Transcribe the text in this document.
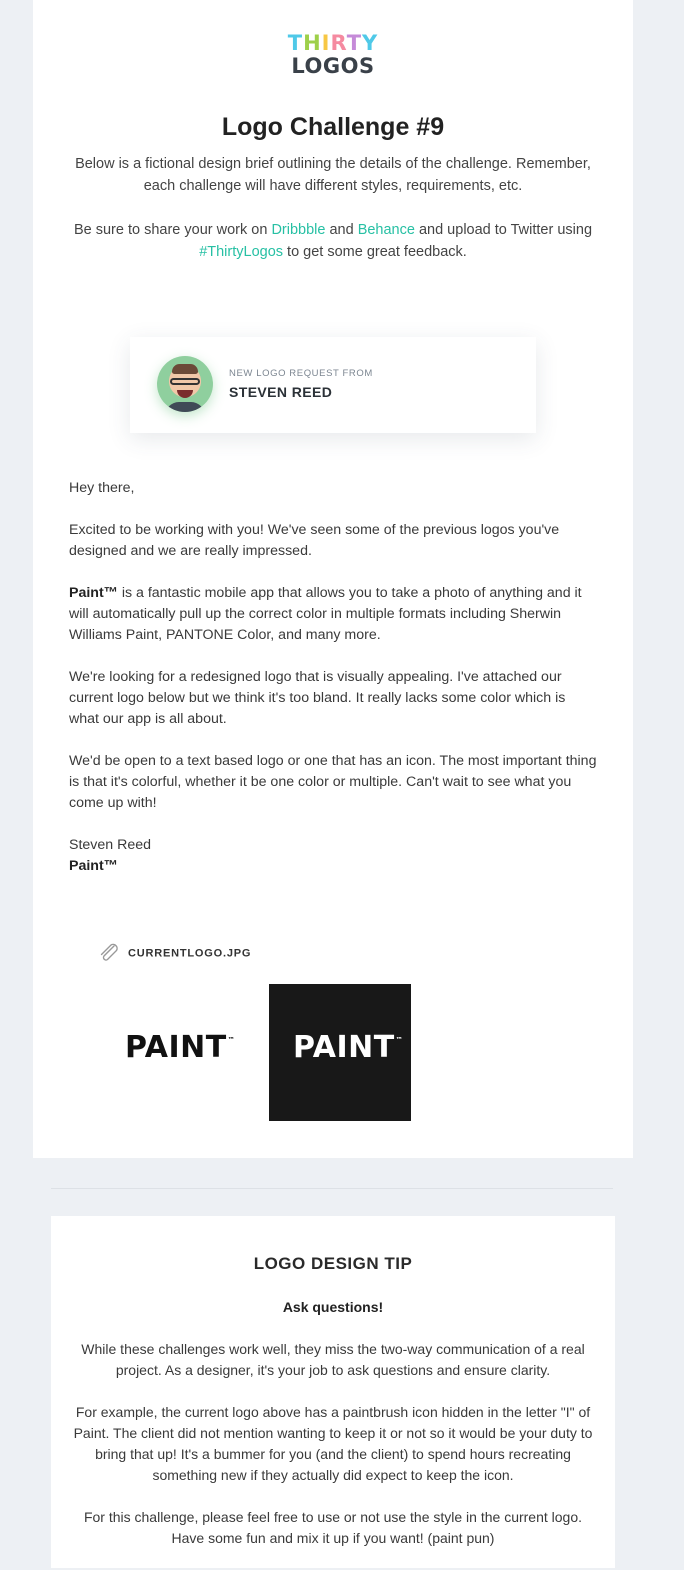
THIRTY
LOGOS
Logo Challenge #9

Below is a fictional design brief outlining the details of the challenge. Remember, each challenge will have different styles, requirements, etc.

Be sure to share your work on Dribbble and Behance and upload to Twitter using #ThirtyLogos to get some great feedback.

NEW LOGO REQUEST FROM
STEVEN REED

Hey there,

Excited to be working with you! We've seen some of the previous logos you've designed and we are really impressed.

Paint™ is a fantastic mobile app that allows you to take a photo of anything and it will automatically pull up the correct color in multiple formats including Sherwin Williams Paint, PANTONE Color, and many more.

We're looking for a redesigned logo that is visually appealing. I've attached our current logo below but we think it's too bland. It really lacks some color which is what our app is all about.

We'd be open to a text based logo or one that has an icon. The most important thing is that it's colorful, whether it be one color or multiple. Can't wait to see what you come up with!

Steven Reed
Paint™
CURRENTLOGO.JPG
PAINT™ PAINT™
LOGO DESIGN TIP

Ask questions!

While these challenges work well, they miss the two-way communication of a real project. As a designer, it's your job to ask questions and ensure clarity.

For example, the current logo above has a paintbrush icon hidden in the letter "I" of Paint. The client did not mention wanting to keep it or not so it would be your duty to bring that up! It's a bummer for you (and the client) to spend hours recreating something new if they actually did expect to keep the icon.

For this challenge, please feel free to use or not use the style in the current logo. Have some fun and mix it up if you want! (paint pun)
